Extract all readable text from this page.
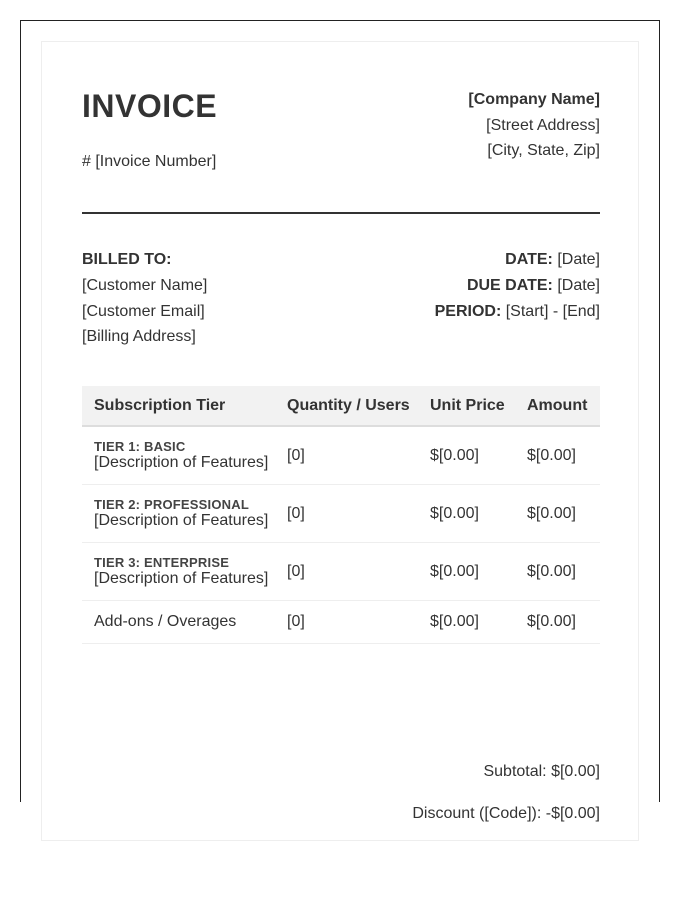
INVOICE
# [Invoice Number]
[Company Name]
[Street Address]
[City, State, Zip]
BILLED TO:
[Customer Name]
[Customer Email]
[Billing Address]
DATE: [Date]
DUE DATE: [Date]
PERIOD: [Start] - [End]
Subscription Tier	Quantity / Users	Unit Price	Amount

TIER 1: BASIC
[Description of Features]	[0]	$[0.00]	$[0.00]

TIER 2: PROFESSIONAL
[Description of Features]	[0]	$[0.00]	$[0.00]

TIER 3: ENTERPRISE
[Description of Features]	[0]	$[0.00]	$[0.00]
Add-ons / Overages	[0]	$[0.00]	$[0.00]
Subtotal: $[0.00]
Discount ([Code]): -$[0.00]
